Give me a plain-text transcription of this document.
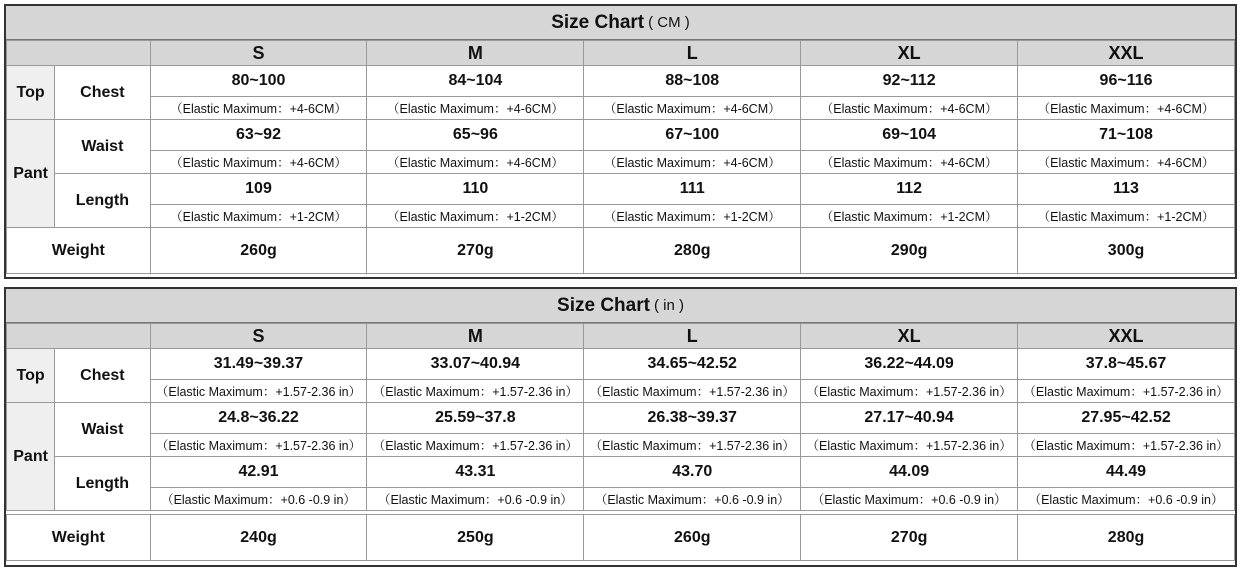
Size Chart ( CM )
		S	M	L	XL	XXL
Top	Chest	80~100	84~104	88~108	92~112	96~116
		（Elastic Maximum：+4-6CM）	（Elastic Maximum：+4-6CM）	（Elastic Maximum：+4-6CM）	（Elastic Maximum：+4-6CM）	（Elastic Maximum：+4-6CM）
Pant	Waist	63~92	65~96	67~100	69~104	71~108
		（Elastic Maximum：+4-6CM）	（Elastic Maximum：+4-6CM）	（Elastic Maximum：+4-6CM）	（Elastic Maximum：+4-6CM）	（Elastic Maximum：+4-6CM）
	Length	109	110	111	112	113
		（Elastic Maximum：+1-2CM）	（Elastic Maximum：+1-2CM）	（Elastic Maximum：+1-2CM）	（Elastic Maximum：+1-2CM）	（Elastic Maximum：+1-2CM）
Weight		260g	270g	280g	290g	300g
Size Chart ( in )
		S	M	L	XL	XXL
Top	Chest	31.49~39.37	33.07~40.94	34.65~42.52	36.22~44.09	37.8~45.67
		（Elastic Maximum：+1.57-2.36 in）	（Elastic Maximum：+1.57-2.36 in）	（Elastic Maximum：+1.57-2.36 in）	（Elastic Maximum：+1.57-2.36 in）	（Elastic Maximum：+1.57-2.36 in）
Pant	Waist	24.8~36.22	25.59~37.8	26.38~39.37	27.17~40.94	27.95~42.52
		（Elastic Maximum：+1.57-2.36 in）	（Elastic Maximum：+1.57-2.36 in）	（Elastic Maximum：+1.57-2.36 in）	（Elastic Maximum：+1.57-2.36 in）	（Elastic Maximum：+1.57-2.36 in）
	Length	42.91	43.31	43.70	44.09	44.49
		（Elastic Maximum：+0.6 -0.9 in）	（Elastic Maximum：+0.6 -0.9 in）	（Elastic Maximum：+0.6 -0.9 in）	（Elastic Maximum：+0.6 -0.9 in）	（Elastic Maximum：+0.6 -0.9 in）

Weight		240g	250g	260g	270g	280g
